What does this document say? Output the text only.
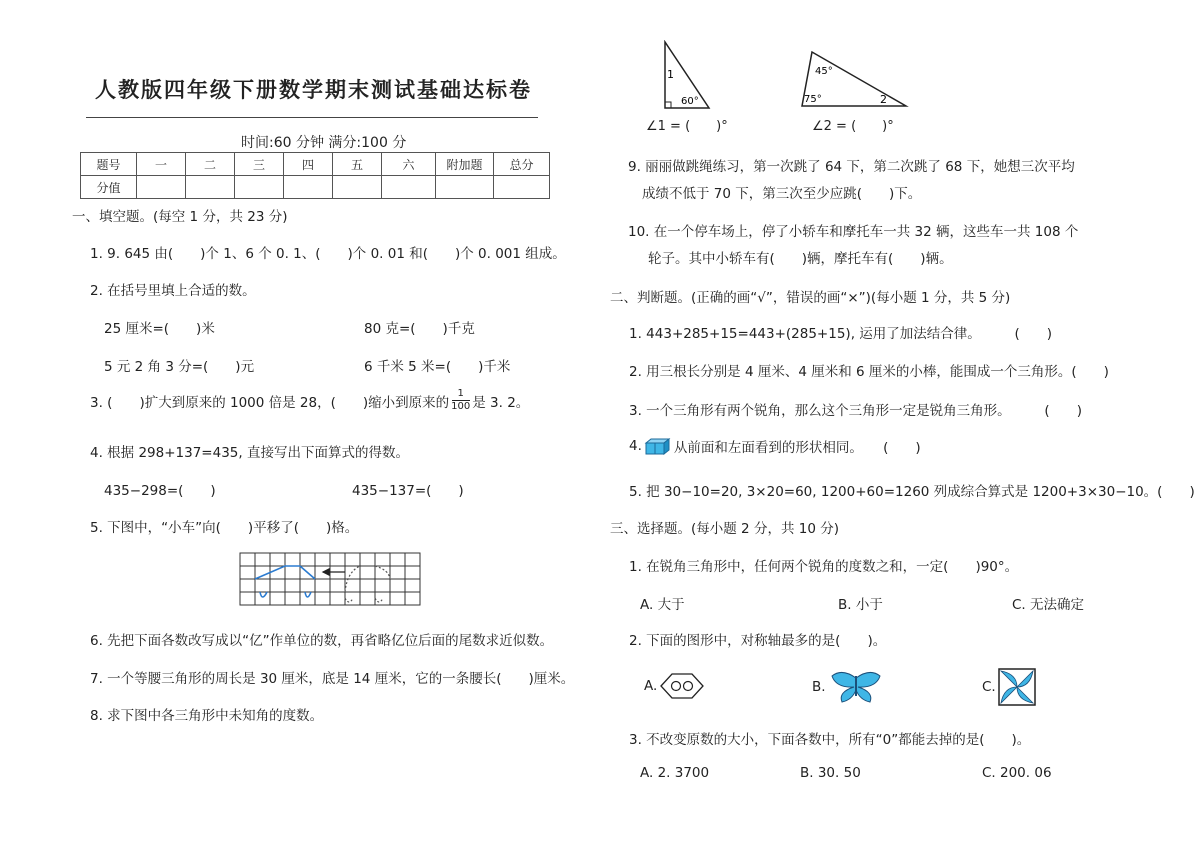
人教版四年级下册数学期末测试基础达标卷
时间:60 分钟 满分:100 分
题号	一	二	三	四	五	六	附加题	总分
分值								
一、填空题。(每空 1 分，共 23 分)
1. 9. 645 由(　　)个 1、6 个 0. 1、(　　)个 0. 01 和(　　)个 0. 001 组成。
2. 在括号里填上合适的数。
25 厘米=(　　)米	80 克=(　　)千克
5 元 2 角 3 分=(　　)元	6 千米 5 米=(　　)千米
3. (　　)扩大到原来的 1000 倍是 28，(　　)缩小到原来的
1
100 是 3. 2。
4. 根据 298+137=435, 直接写出下面算式的得数。
435−298=(　　)	435−137=(　　)
5. 下图中，“小车”向(　　)平移了(　　)格。
6. 先把下面各数改写成以“亿”作单位的数，再省略亿位后面的尾数求近似数。
7. 一个等腰三角形的周长是 30 厘米，底是 14 厘米，它的一条腰长(　　)厘米。
8. 求下图中各三角形中未知角的度数。
1
60°
∠1 = (　　)°
45°
75°	2
∠2 = (　　)°
9. 丽丽做跳绳练习，第一次跳了 64 下，第二次跳了 68 下，她想三次平均
成绩不低于 70 下，第三次至少应跳(　　)下。
10. 在一个停车场上，停了小轿车和摩托车一共 32 辆，这些车一共 108 个
轮子。其中小轿车有(　　)辆，摩托车有(　　)辆。
二、判断题。(正确的画“√”，错误的画“×”)(每小题 1 分，共 5 分)
1. 443+285+15=443+(285+15), 运用了加法结合律。　　　(　　)
2. 用三根长分别是 4 厘米、4 厘米和 6 厘米的小棒，能围成一个三角形。(　　)
3. 一个三角形有两个锐角，那么这个三角形一定是锐角三角形。　　　(　　)
4. 从前面和左面看到的形状相同。　　(　　)
5. 把 30−10=20, 3×20=60, 1200+60=1260 列成综合算式是 1200+3×30−10。(　　)
三、选择题。(每小题 2 分，共 10 分)
1. 在锐角三角形中，任何两个锐角的度数之和，一定(　　)90°。
A. 大于	B. 小于	C. 无法确定
2. 下面的图形中，对称轴最多的是(　　)。
A.	B.	C.
3. 不改变原数的大小，下面各数中，所有“0”都能去掉的是(　　)。
A. 2. 3700	B. 30. 50	C. 200. 06
